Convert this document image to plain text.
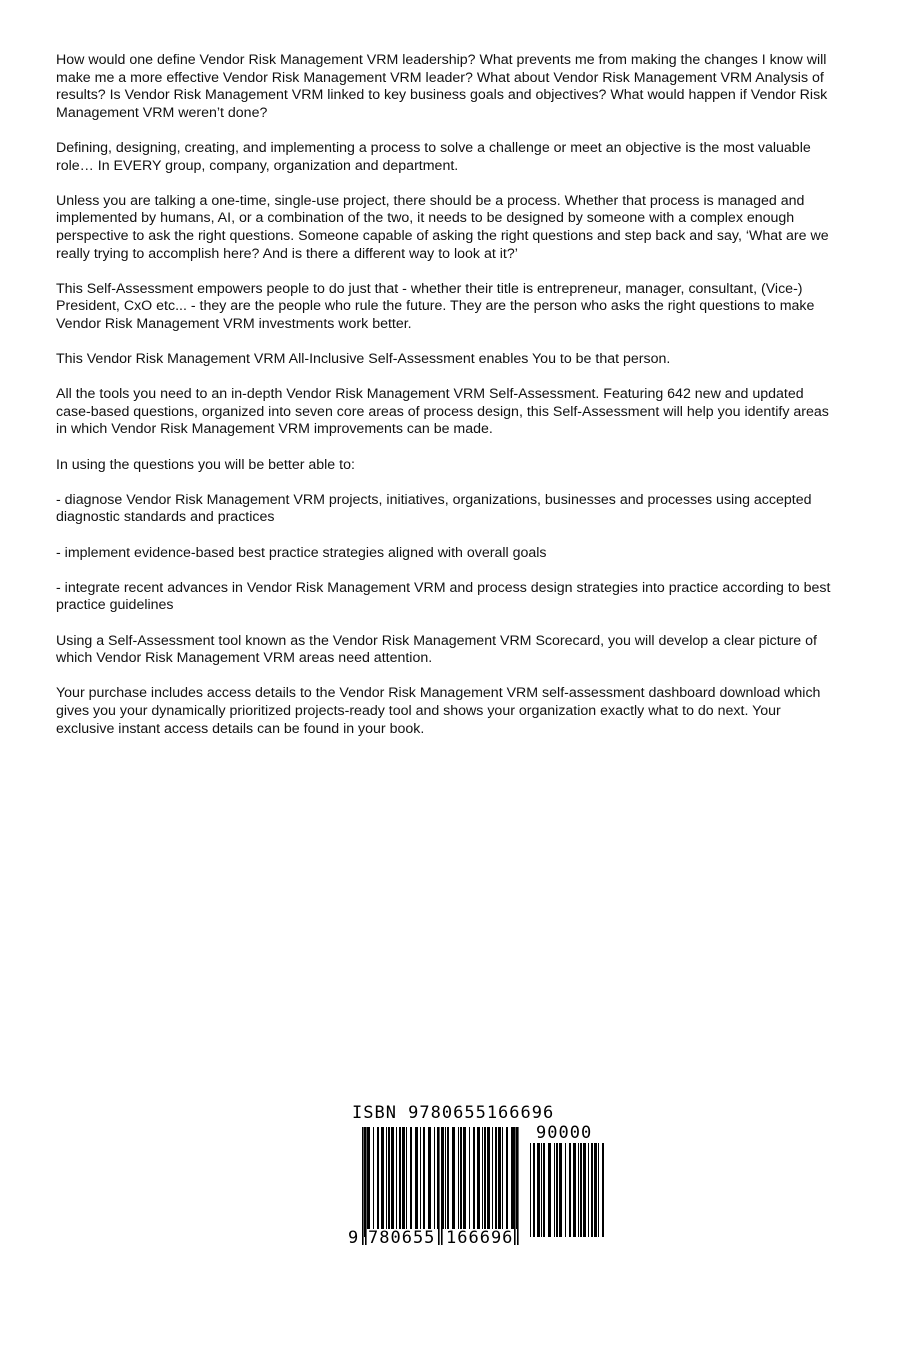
How would one define Vendor Risk Management VRM leadership? What prevents me from making the changes I know will make me a more effective Vendor Risk Management VRM leader? What about Vendor Risk Management VRM Analysis of results? Is Vendor Risk Management VRM linked to key business goals and objectives? What would happen if Vendor Risk Management VRM weren’t done?

Defining, designing, creating, and implementing a process to solve a challenge or meet an objective is the most valuable role… In EVERY group, company, organization and department.

Unless you are talking a one-time, single-use project, there should be a process. Whether that process is managed and implemented by humans, AI, or a combination of the two, it needs to be designed by someone with a complex enough perspective to ask the right questions. Someone capable of asking the right questions and step back and say, ‘What are we really trying to accomplish here? And is there a different way to look at it?’

This Self-Assessment empowers people to do just that - whether their title is entrepreneur, manager, consultant, (Vice-) President, CxO etc... - they are the people who rule the future. They are the person who asks the right questions to make Vendor Risk Management VRM investments work better.

This Vendor Risk Management VRM All-Inclusive Self-Assessment enables You to be that person.

All the tools you need to an in-depth Vendor Risk Management VRM Self-Assessment. Featuring 642 new and updated case-based questions, organized into seven core areas of process design, this Self-Assessment will help you identify areas in which Vendor Risk Management VRM improvements can be made.

In using the questions you will be better able to:

- diagnose Vendor Risk Management VRM projects, initiatives, organizations, businesses and processes using accepted diagnostic standards and practices

- implement evidence-based best practice strategies aligned with overall goals

- integrate recent advances in Vendor Risk Management VRM and process design strategies into practice according to best practice guidelines

Using a Self-Assessment tool known as the Vendor Risk Management VRM Scorecard, you will develop a clear picture of which Vendor Risk Management VRM areas need attention.

Your purchase includes access details to the Vendor Risk Management VRM self-assessment dashboard download which gives you your dynamically prioritized projects-ready tool and shows your organization exactly what to do next. Your exclusive instant access details can be found in your book.

ISBN 9780655166696
90000
9 780655 166696
